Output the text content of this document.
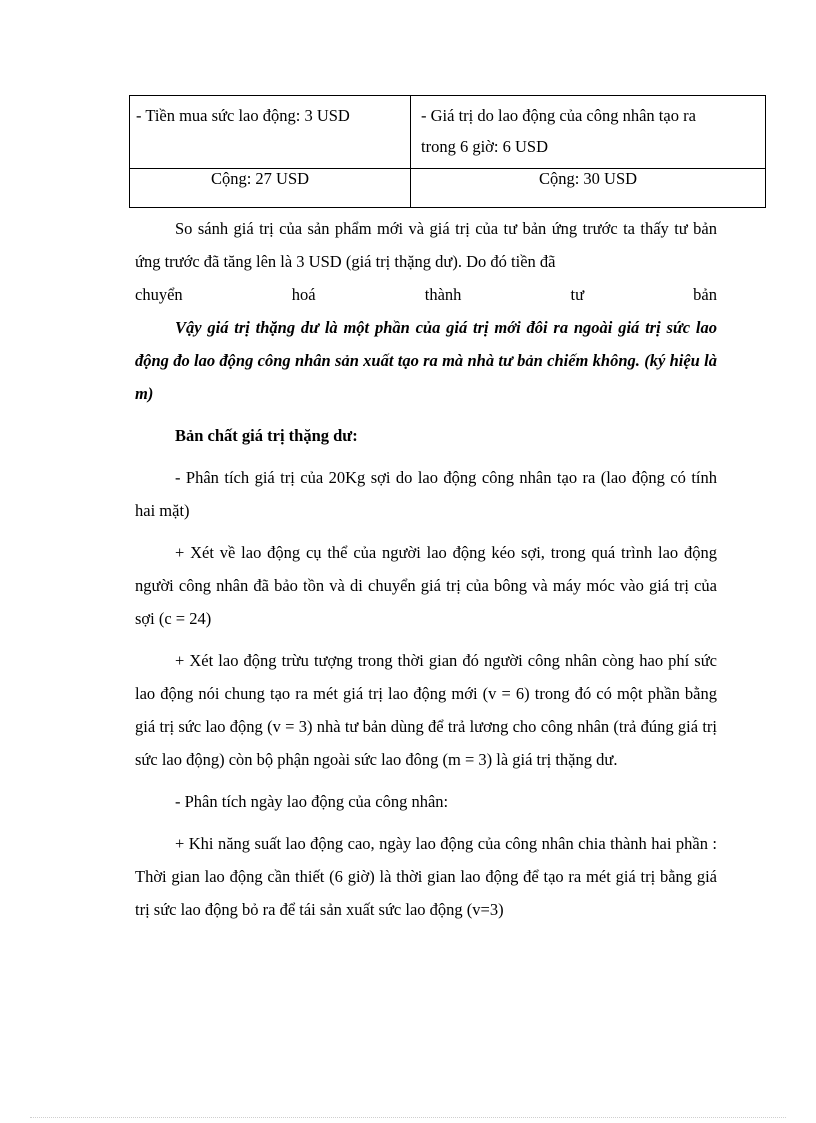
- Tiền mua sức lao động: 3 USD	- Giá trị do lao động của công nhân tạo ra
trong 6 giờ: 6 USD

Cộng: 27 USD	Cộng: 30 USD

So sánh giá trị của sản phẩm mới và giá trị của tư bản ứng trước ta thấy tư bản ứng trước đã tăng lên là 3 USD (giá trị thặng dư). Do đó tiền đã

chuyển hoá thành tư bản

Vậy giá trị thặng dư là một phần của giá trị mới đôi ra ngoài giá trị sức lao động đo lao động công nhân sản xuất tạo ra mà nhà tư bản chiếm không. (ký hiệu là m)

Bản chất giá trị thặng dư:

- Phân tích giá trị của 20Kg sợi do lao động công nhân tạo ra (lao động có tính hai mặt)

+ Xét về lao động cụ thể của người lao động kéo sợi, trong quá trình lao động người công nhân đã bảo tồn và di chuyển giá trị của bông và máy móc vào giá trị của sợi (c = 24)

+ Xét lao động trừu tượng trong thời gian đó người công nhân còng hao phí sức lao động nói chung tạo ra mét giá trị lao động mới (v = 6) trong đó có một phần bằng giá trị sức lao động (v = 3) nhà tư bản dùng để trả lương cho công nhân (trả đúng giá trị sức lao động) còn bộ phận ngoài sức lao đông (m = 3) là giá trị thặng dư.

- Phân tích ngày lao động của công nhân:

+ Khi năng suất lao động cao, ngày lao động của công nhân chia thành hai phần : Thời gian lao động cần thiết (6 giờ) là thời gian lao động để tạo ra mét giá trị bằng giá trị sức lao động bỏ ra để tái sản xuất sức lao động (v=3)
